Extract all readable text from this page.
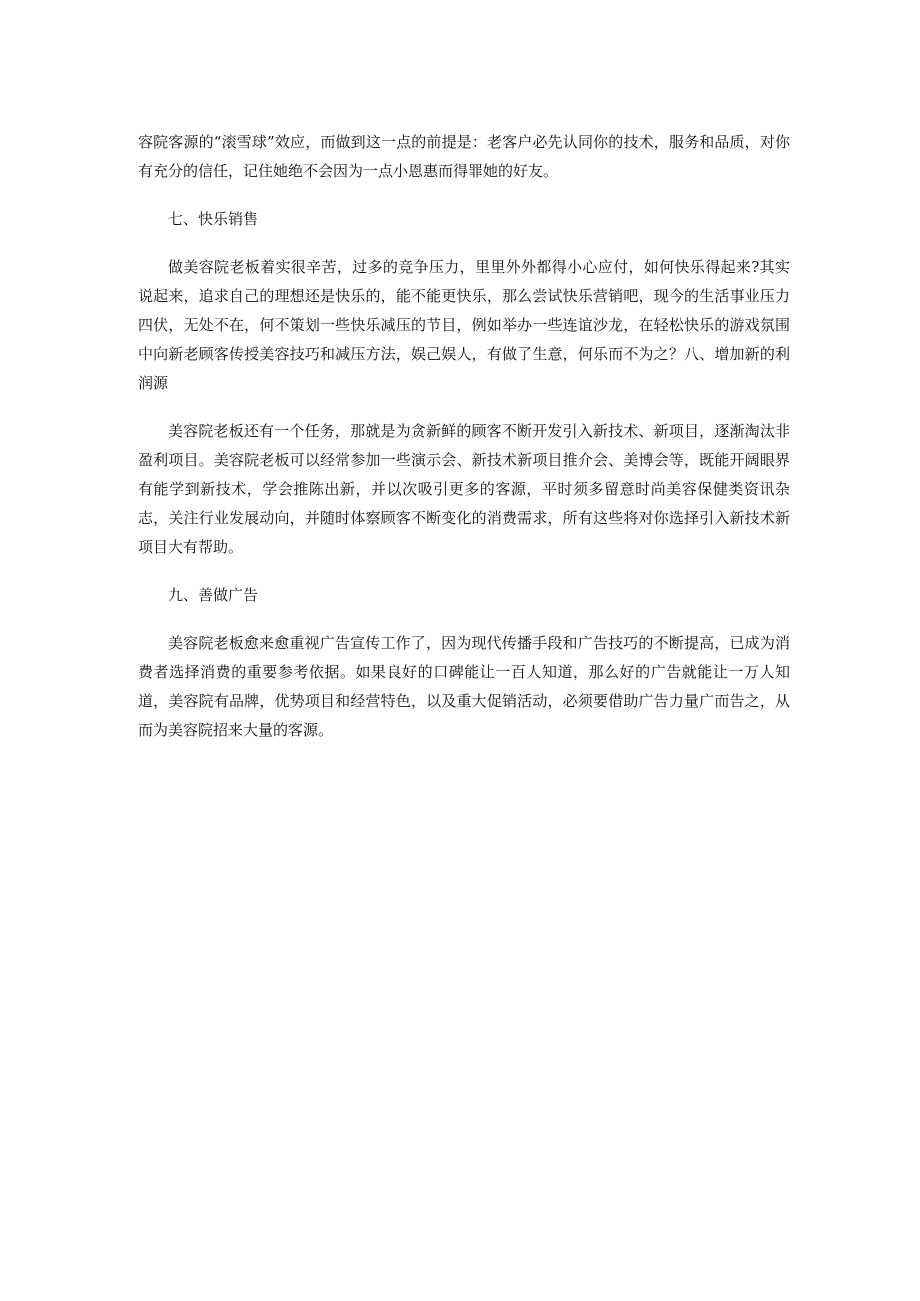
容院客源的“滚雪球”效应，而做到这一点的前提是：老客户必先认同你的技术，服务和品质，对你有充分的信任，记住她绝不会因为一点小恩惠而得罪她的好友。

七、快乐销售

做美容院老板着实很辛苦，过多的竞争压力，里里外外都得小心应付，如何快乐得起来?其实说起来，追求自己的理想还是快乐的，能不能更快乐，那么尝试快乐营销吧，现今的生活事业压力四伏，无处不在，何不策划一些快乐减压的节目，例如举办一些连谊沙龙，在轻松快乐的游戏氛围中向新老顾客传授美容技巧和减压方法，娱己娱人，有做了生意，何乐而不为之？八、增加新的利润源

美容院老板还有一个任务，那就是为贪新鲜的顾客不断开发引入新技术、新项目，逐渐淘汰非盈利项目。美容院老板可以经常参加一些演示会、新技术新项目推介会、美博会等，既能开阔眼界有能学到新技术，学会推陈出新，并以次吸引更多的客源，平时须多留意时尚美容保健类资讯杂志，关注行业发展动向，并随时体察顾客不断变化的消费需求，所有这些将对你选择引入新技术新项目大有帮助。

九、善做广告

美容院老板愈来愈重视广告宣传工作了，因为现代传播手段和广告技巧的不断提高，已成为消费者选择消费的重要参考依据。如果良好的口碑能让一百人知道，那么好的广告就能让一万人知道，美容院有品牌，优势项目和经营特色，以及重大促销活动，必须要借助广告力量广而告之，从而为美容院招来大量的客源。
